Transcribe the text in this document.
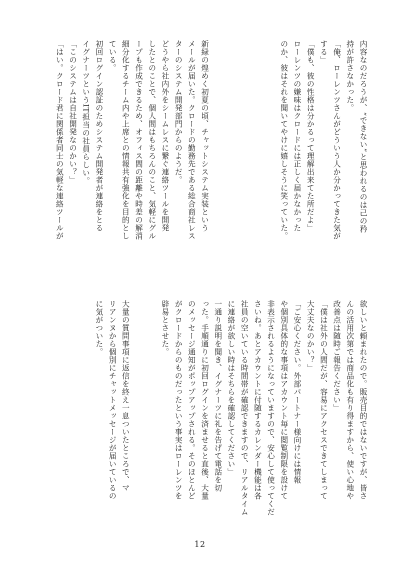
内容なのだろうが、“できない”と思われるのは己の矜
持が許さなかった。
「俺、ローレンツさんがどういう人か分かってきた気が
する」
「僕も、彼の性格は分かるって理解出来てた所だよ」
ローレンツの嫌味はクロードには正しく届かなかった
のか、彼はそれを聞いてやけに嬉しそうに笑っていた。

新緑の煌めく初夏の頃、チャットシステム実装という
メールが届いた。クロードの勤務先である総合商社レス
ターのシステム開発部門からのようだ。
どうやら社内外をシームレスに繋ぐ連絡ツールを開発
したとのことで、個人間はもちろんのこと、気軽にグル
ープも作成できるため、オフィス間の距離や時差の解消
細分化するチーム内や上席との情報共有強化を目的とし
ている。
初回ログイン認証のためシステム開発者が連絡をとる
イグナーツというIT担当の社員らしい。
「このシステムは自社開発なのかい？」
「はい。クロード君に関係者同士の気軽な連絡ツールが
欲しいと頼まれたので。販売目的ではないですが、皆さ
んの活用次第では商品化も有り得ますから、使い心地や
改善点は随時ご報告ください」
「僕は社外の人間だが、容易にアクセスできてしまって
大丈夫なのかい？」
「ご安心ください。外部パートナー様向けには情報
や個別具体的な事項はアカウント毎に閲覧制限を設けて
非表示されるようになっていますので、安心して使ってくだ
さいね。あとアカウントに付随するカレンダー機能は各
社員の空いている時間帯が確認できますので、リアルタイム
に連絡が欲しい時はそちらを確認してください」
一通り説明を聞き、イグナーツに礼を告げて電話を切
った。手順通りに初回ログインを済ませると直後、大量
のメッセージ通知がポップアップされる。そのほとんど
がクロードからのものだったという事実はローレンツを
辟易とさせた。

大量の質問事項に返信を終え一息ついたところで、マ
リアンヌから個別にチャットメッセージが届いているの
に気がついた。
12
